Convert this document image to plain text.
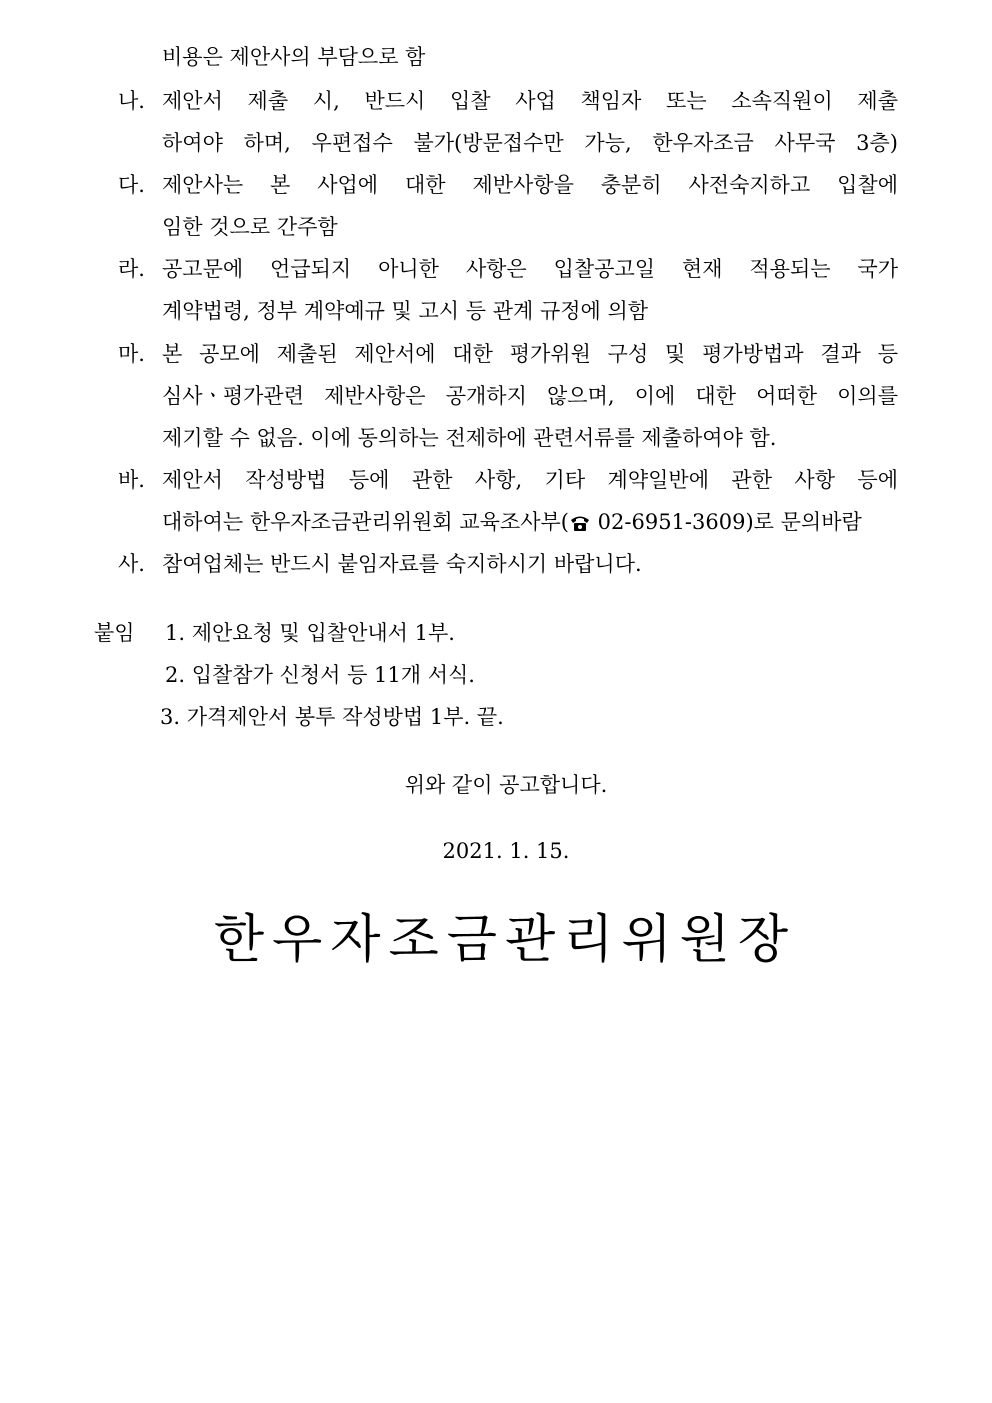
비용은 제안사의 부담으로 함
나. 제안서 제출 시, 반드시 입찰 사업 책임자 또는 소속직원이 제출
하여야 하며, 우편접수 불가(방문접수만 가능, 한우자조금 사무국 3층)
다. 제안사는 본 사업에 대한 제반사항을 충분히 사전숙지하고 입찰에
임한 것으로 간주함
라. 공고문에 언급되지 아니한 사항은 입찰공고일 현재 적용되는 국가
계약법령, 정부 계약예규 및 고시 등 관계 규정에 의함
마. 본 공모에 제출된 제안서에 대한 평가위원 구성 및 평가방법과 결과 등
심사ㆍ평가관련 제반사항은 공개하지 않으며, 이에 대한 어떠한 이의를
제기할 수 없음. 이에 동의하는 전제하에 관련서류를 제출하여야 함.
바. 제안서 작성방법 등에 관한 사항, 기타 계약일반에 관한 사항 등에
대하여는 한우자조금관리위원회 교육조사부( 02-6951-3609)로 문의바람
사. 참여업체는 반드시 붙임자료를 숙지하시기 바랍니다.
붙임 1. 제안요청 및 입찰안내서 1부.
2. 입찰참가 신청서 등 11개 서식.
3. 가격제안서 봉투 작성방법 1부. 끝.
위와 같이 공고합니다.
2021. 1. 15.
한우자조금관리위원장
